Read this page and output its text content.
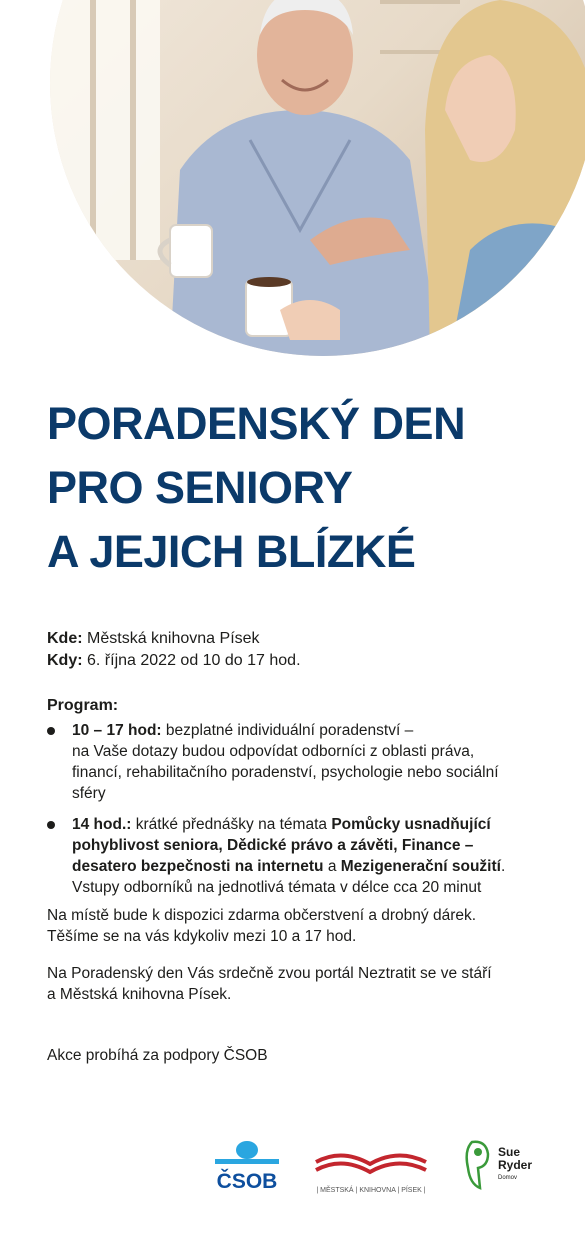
PORADENSKÝ DEN
PRO SENIORY
A JEJICH BLÍZKÉ
Kde: Městská knihovna Písek
Kdy: 6. října 2022 od 10 do 17 hod.
Program:
10 – 17 hod: bezplatné individuální poradenství –
na Vaše dotazy budou odpovídat odborníci z oblasti práva,
financí, rehabilitačního poradenství, psychologie nebo sociální
sféry
14 hod.: krátké přednášky na témata Pomůcky usnadňující
pohyblivost seniora, Dědické právo a závěti, Finance –
desatero bezpečnosti na internetu a Mezigenerační soužití.
Vstupy odborníků na jednotlivá témata v délce cca 20 minut
Na místě bude k dispozici zdarma občerstvení a drobný dárek.
Těšíme se na vás kdykoliv mezi 10 a 17 hod.
Na Poradenský den Vás srdečně zvou portál Neztratit se ve stáří
a Městská knihovna Písek.
Akce probíhá za podpory ČSOB
ČSOB	| MĚSTSKÁ | KNIHOVNA | PÍSEK |
Sue
Ryder
Domov
